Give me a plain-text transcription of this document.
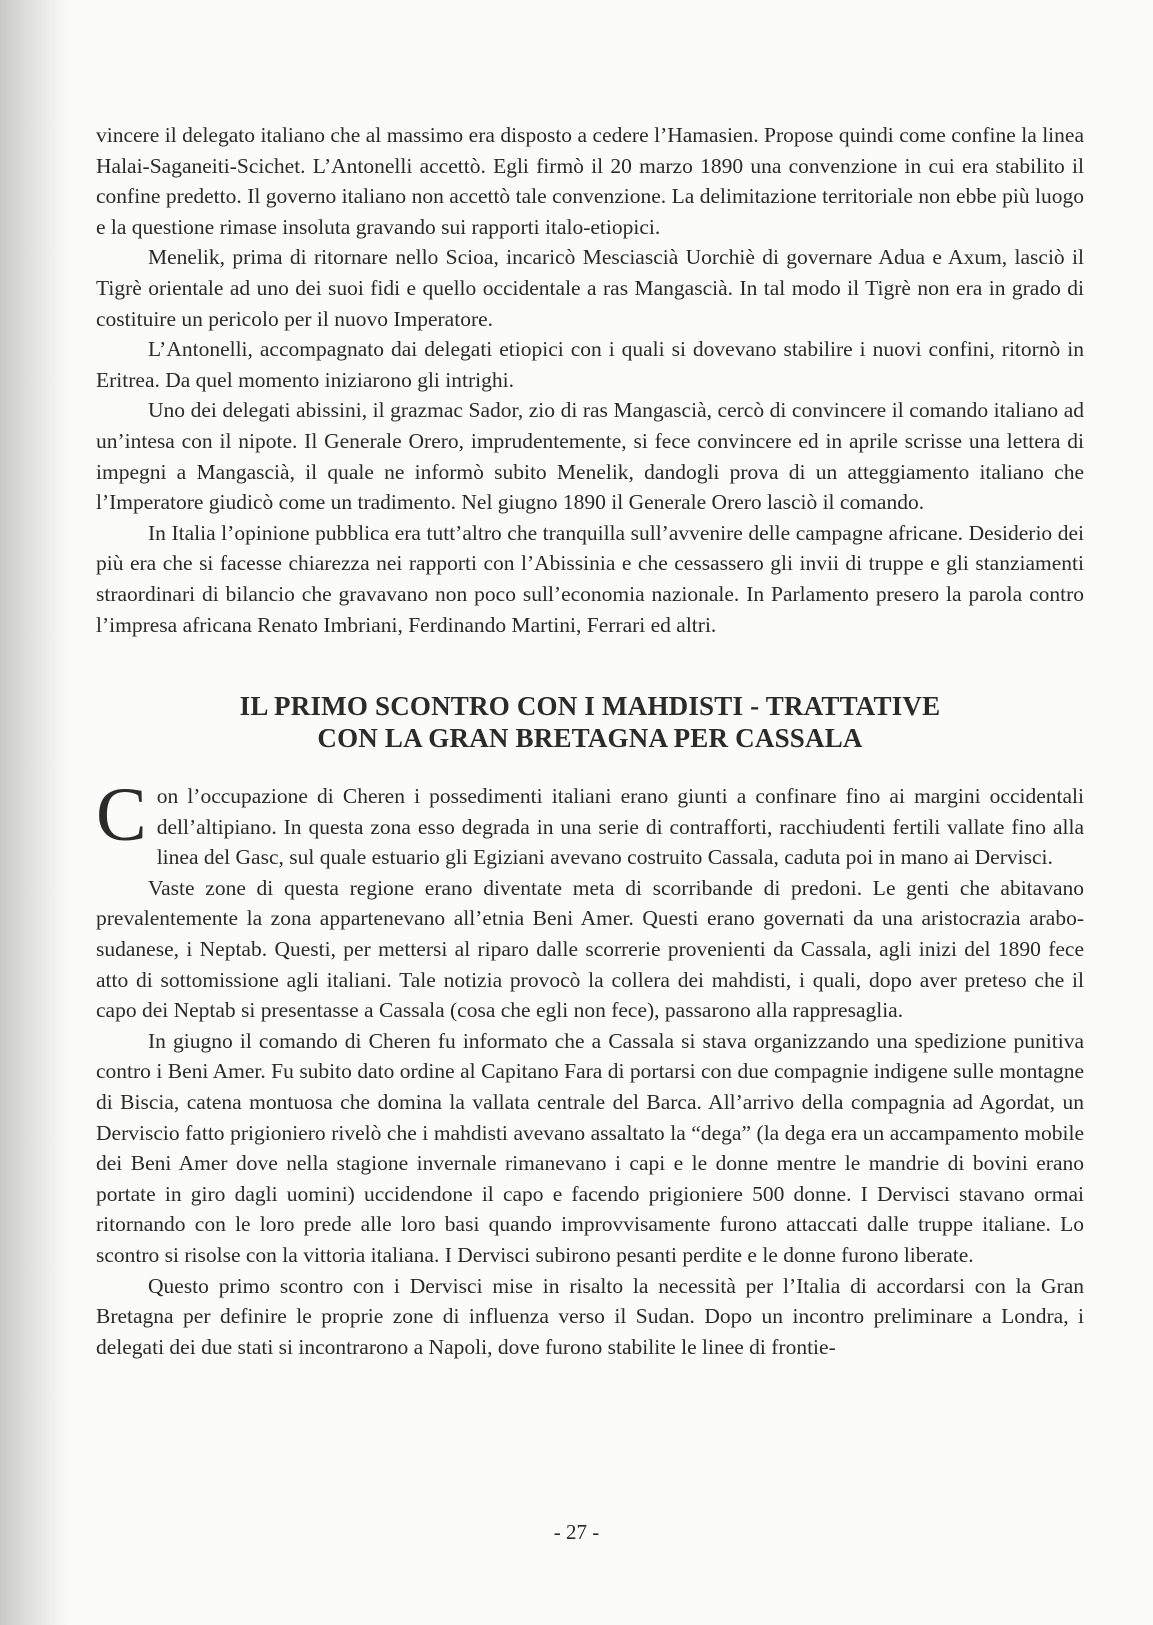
vincere il delegato italiano che al massimo era disposto a cedere l’Hamasien. Propose quindi come confine la linea Halai-Saganeiti-Scichet. L’Antonelli accettò. Egli firmò il 20 marzo 1890 una convenzione in cui era stabilito il confine predetto. Il governo italiano non accettò tale convenzione. La delimitazione territoriale non ebbe più luogo e la questione rimase insoluta gravando sui rapporti italo-etiopici.

Menelik, prima di ritornare nello Scioa, incaricò Mesciascià Uorchiè di governare Adua e Axum, lasciò il Tigrè orientale ad uno dei suoi fidi e quello occidentale a ras Mangascià. In tal modo il Tigrè non era in grado di costituire un pericolo per il nuovo Imperatore.

L’Antonelli, accompagnato dai delegati etiopici con i quali si dovevano stabilire i nuovi confini, ritornò in Eritrea. Da quel momento iniziarono gli intrighi.

Uno dei delegati abissini, il grazmac Sador, zio di ras Mangascià, cercò di convincere il comando italiano ad un’intesa con il nipote. Il Generale Orero, imprudentemente, si fece convincere ed in aprile scrisse una lettera di impegni a Mangascià, il quale ne informò subito Menelik, dandogli prova di un atteggiamento italiano che l’Imperatore giudicò come un tradimento. Nel giugno 1890 il Generale Orero lasciò il comando.

In Italia l’opinione pubblica era tutt’altro che tranquilla sull’avvenire delle campagne africane. Desiderio dei più era che si facesse chiarezza nei rapporti con l’Abissinia e che cessassero gli invii di truppe e gli stanziamenti straordinari di bilancio che gravavano non poco sull’economia nazionale. In Parlamento presero la parola contro l’impresa africana Renato Imbriani, Ferdinando Martini, Ferrari ed altri.

IL PRIMO SCONTRO CON I MAHDISTI - TRATTATIVE
CON LA GRAN BRETAGNA PER CASSALA

Con l’occupazione di Cheren i possedimenti italiani erano giunti a confinare fino ai margini occidentali dell’altipiano. In questa zona esso degrada in una serie di contrafforti, racchiudenti fertili vallate fino alla linea del Gasc, sul quale estuario gli Egiziani avevano costruito Cassala, caduta poi in mano ai Dervisci.

Vaste zone di questa regione erano diventate meta di scorribande di predoni. Le genti che abitavano prevalentemente la zona appartenevano all’etnia Beni Amer. Questi erano governati da una aristocrazia arabo-sudanese, i Neptab. Questi, per mettersi al riparo dalle scorrerie provenienti da Cassala, agli inizi del 1890 fece atto di sottomissione agli italiani. Tale notizia provocò la collera dei mahdisti, i quali, dopo aver preteso che il capo dei Neptab si presentasse a Cassala (cosa che egli non fece), passarono alla rappresaglia.

In giugno il comando di Cheren fu informato che a Cassala si stava organizzando una spedizione punitiva contro i Beni Amer. Fu subito dato ordine al Capitano Fara di portarsi con due compagnie indigene sulle montagne di Biscia, catena montuosa che domina la vallata centrale del Barca. All’arrivo della compagnia ad Agordat, un Derviscio fatto prigioniero rivelò che i mahdisti avevano assaltato la “dega” (la dega era un accampamento mobile dei Beni Amer dove nella stagione invernale rimanevano i capi e le donne mentre le mandrie di bovini erano portate in giro dagli uomini) uccidendone il capo e facendo prigioniere 500 donne. I Dervisci stavano ormai ritornando con le loro prede alle loro basi quando improvvisamente furono attaccati dalle truppe italiane. Lo scontro si risolse con la vittoria italiana. I Dervisci subirono pesanti perdite e le donne furono liberate.

Questo primo scontro con i Dervisci mise in risalto la necessità per l’Italia di accordarsi con la Gran Bretagna per definire le proprie zone di influenza verso il Sudan. Dopo un incontro preliminare a Londra, i delegati dei due stati si incontrarono a Napoli, dove furono stabilite le linee di frontie-

- 27 -
